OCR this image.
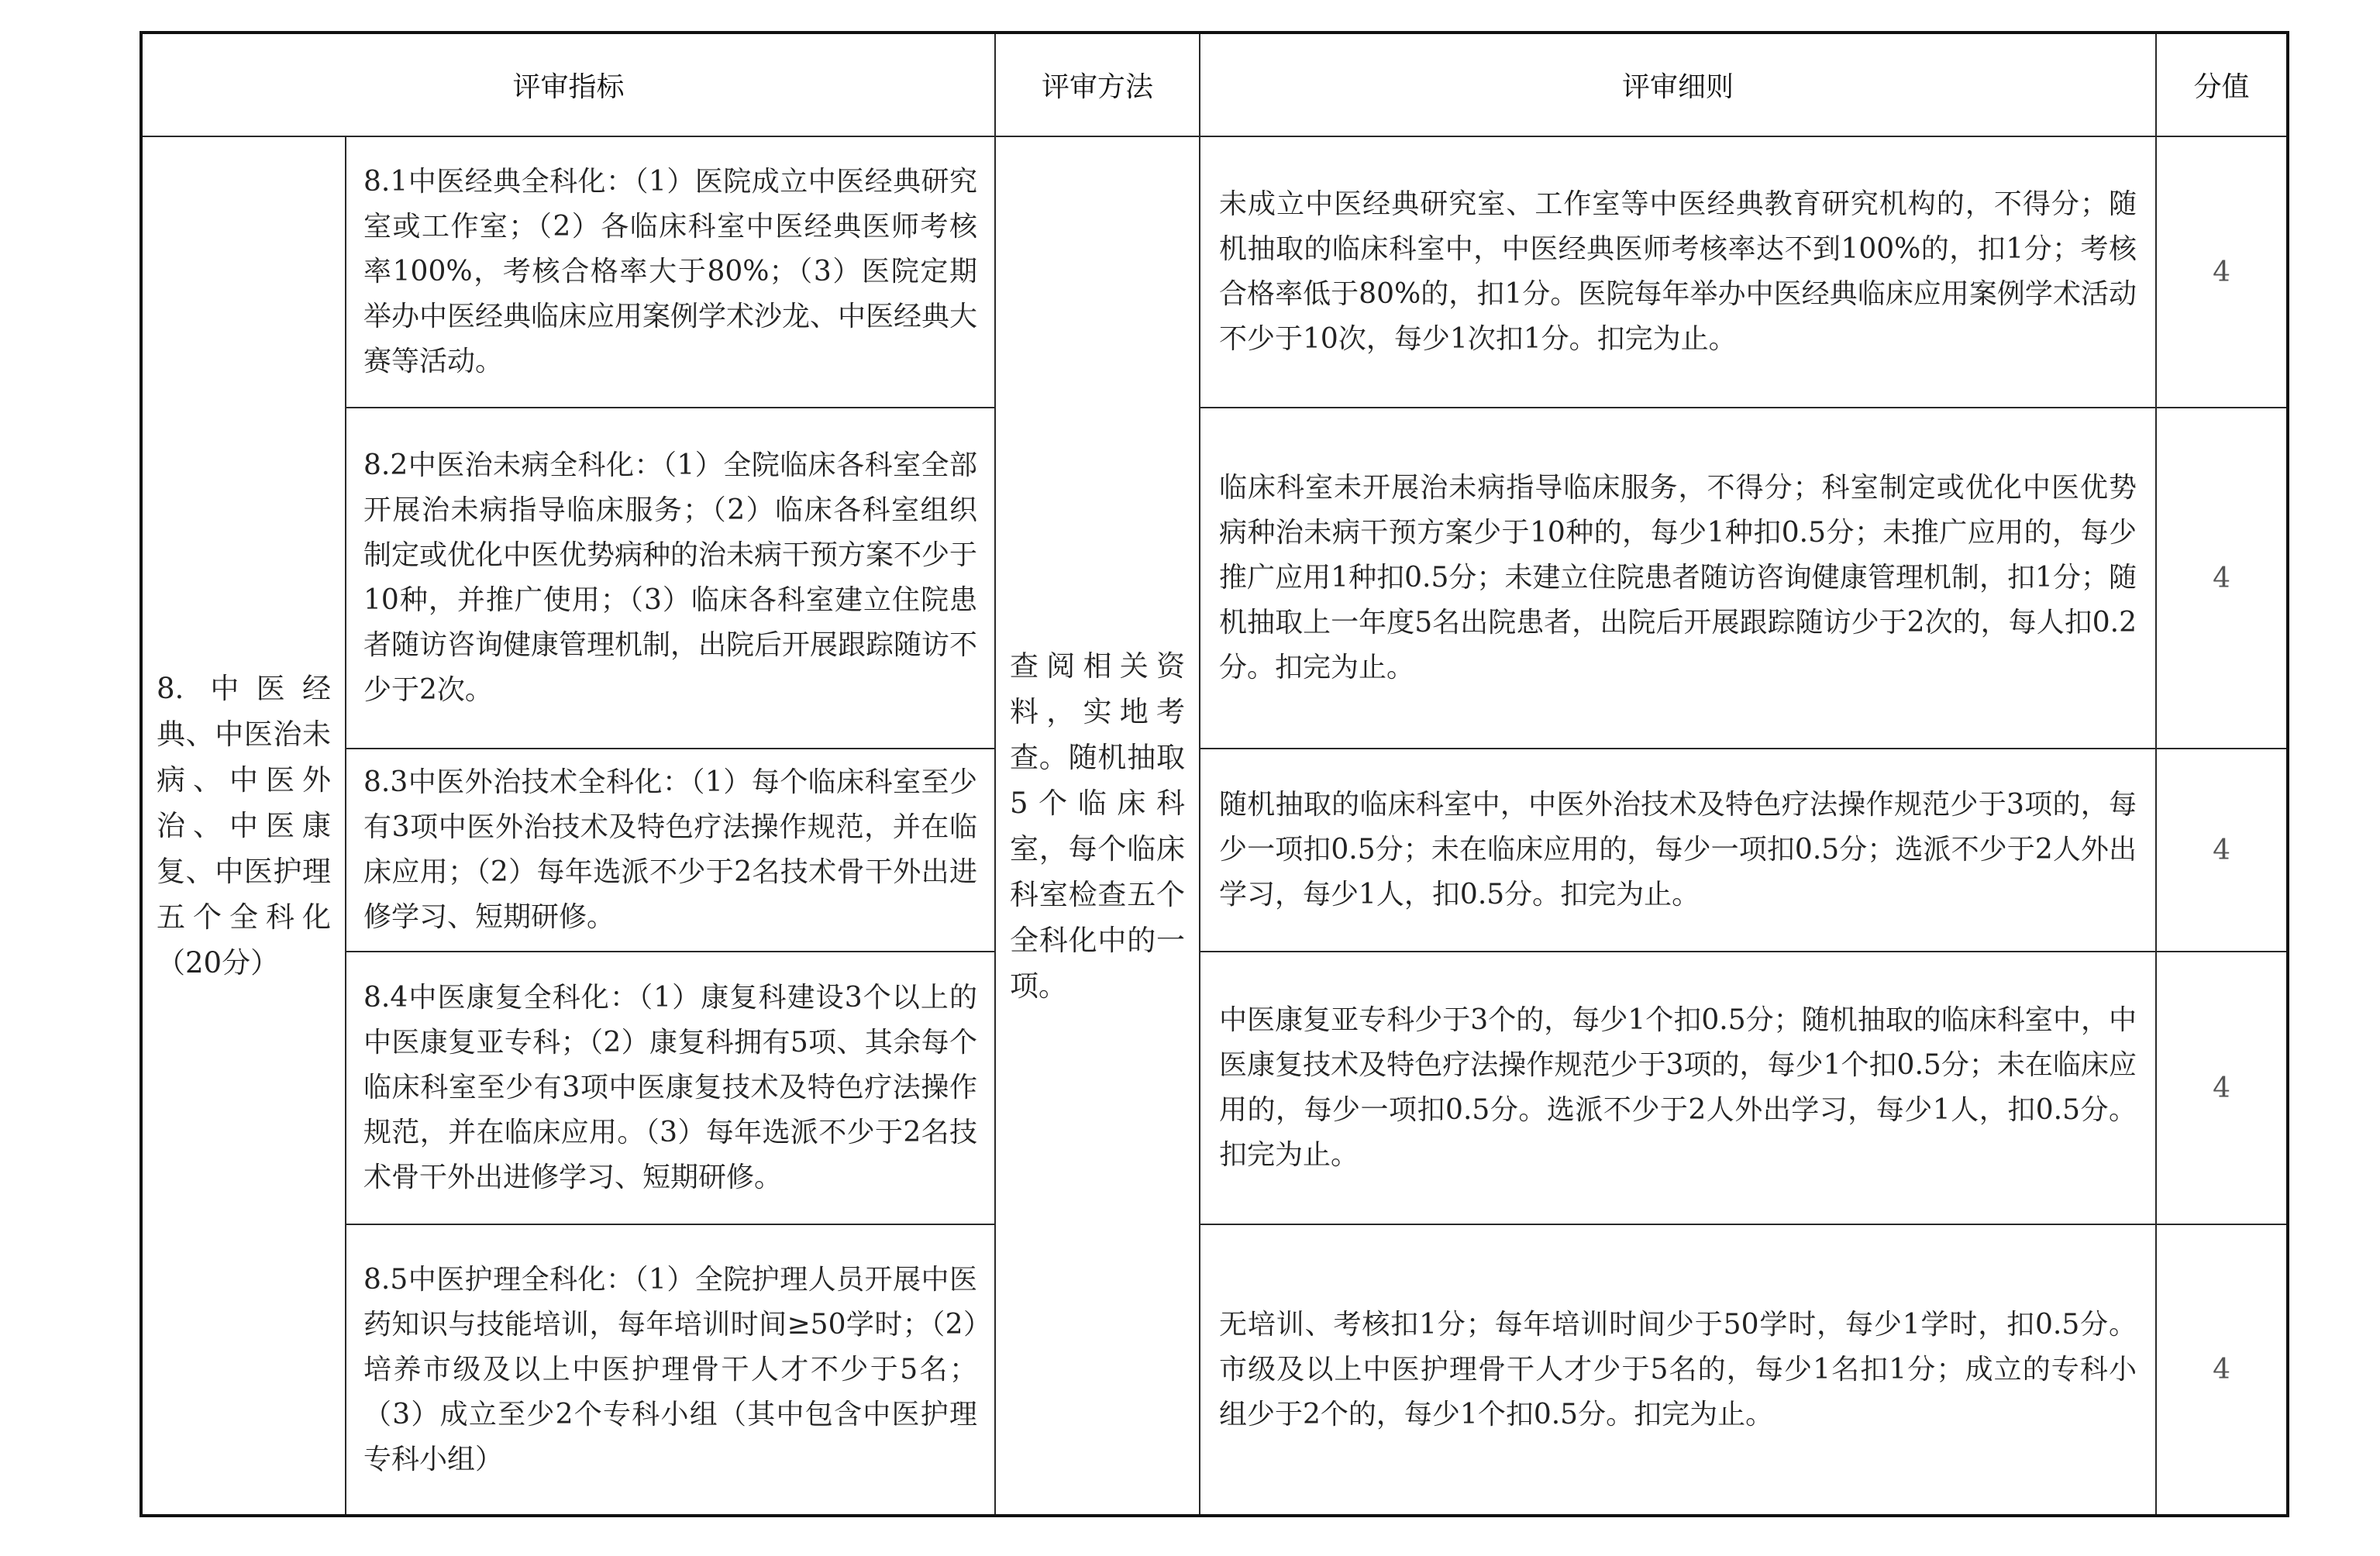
评审指标		评审方法	评审细则	分值
8. 中医经典、中医治未病、中医外治、中医康复、中医护理五个全科化（20分）	8.1中医经典全科化：（1）医院成立中医经典研究室或工作室；（2）各临床科室中医经典医师考核率100%，考核合格率大于80%；（3）医院定期举办中医经典临床应用案例学术沙龙、中医经典大赛等活动。	查阅相关资料，实地考查。随机抽取5个临床科室，每个临床科室检查五个全科化中的一项。	未成立中医经典研究室、工作室等中医经典教育研究机构的，不得分；随机抽取的临床科室中，中医经典医师考核率达不到100%的，扣1分；考核合格率低于80%的，扣1分。医院每年举办中医经典临床应用案例学术活动不少于10次，每少1次扣1分。扣完为止。	4
	8.2中医治未病全科化：（1）全院临床各科室全部开展治未病指导临床服务；（2）临床各科室组织制定或优化中医优势病种的治未病干预方案不少于10种，并推广使用；（3）临床各科室建立住院患者随访咨询健康管理机制，出院后开展跟踪随访不少于2次。		临床科室未开展治未病指导临床服务，不得分；科室制定或优化中医优势病种治未病干预方案少于10种的，每少1种扣0.5分；未推广应用的，每少推广应用1种扣0.5分；未建立住院患者随访咨询健康管理机制，扣1分；随机抽取上一年度5名出院患者，出院后开展跟踪随访少于2次的，每人扣0.2分。扣完为止。	4
	8.3中医外治技术全科化：（1）每个临床科室至少有3项中医外治技术及特色疗法操作规范，并在临床应用；（2）每年选派不少于2名技术骨干外出进修学习、短期研修。		随机抽取的临床科室中，中医外治技术及特色疗法操作规范少于3项的，每少一项扣0.5分；未在临床应用的，每少一项扣0.5分；选派不少于2人外出学习，每少1人，扣0.5分。扣完为止。	4
	8.4中医康复全科化：（1）康复科建设3个以上的中医康复亚专科；（2）康复科拥有5项、其余每个临床科室至少有3项中医康复技术及特色疗法操作规范，并在临床应用。（3）每年选派不少于2名技术骨干外出进修学习、短期研修。		中医康复亚专科少于3个的，每少1个扣0.5分；随机抽取的临床科室中，中医康复技术及特色疗法操作规范少于3项的，每少1个扣0.5分；未在临床应用的，每少一项扣0.5分。选派不少于2人外出学习，每少1人，扣0.5分。扣完为止。	4
	8.5中医护理全科化：（1）全院护理人员开展中医药知识与技能培训，每年培训时间≥50学时；（2）培养市级及以上中医护理骨干人才不少于5名；（3）成立至少2个专科小组（其中包含中医护理专科小组）		无培训、考核扣1分；每年培训时间少于50学时，每少1学时，扣0.5分。市级及以上中医护理骨干人才少于5名的，每少1名扣1分；成立的专科小组少于2个的，每少1个扣0.5分。扣完为止。	4
